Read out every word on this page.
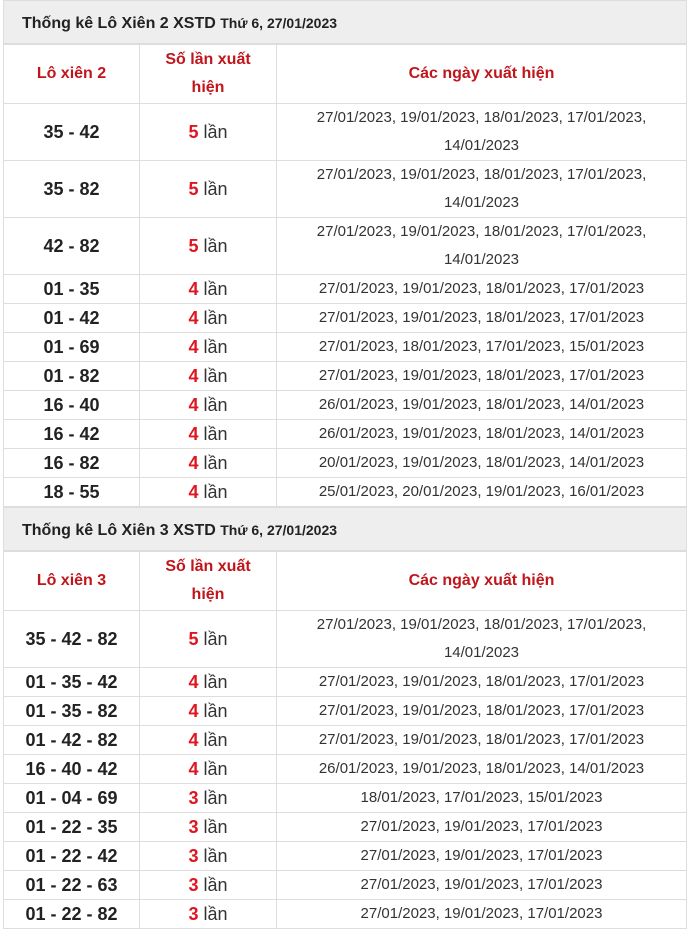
Thống kê Lô Xiên 2 XSTD Thứ 6, 27/01/2023
Lô xiên 2	Số lần xuất hiện	Các ngày xuất hiện
35 - 42	5 lần	27/01/2023, 19/01/2023, 18/01/2023, 17/01/2023, 14/01/2023
35 - 82	5 lần	27/01/2023, 19/01/2023, 18/01/2023, 17/01/2023, 14/01/2023
42 - 82	5 lần	27/01/2023, 19/01/2023, 18/01/2023, 17/01/2023, 14/01/2023
01 - 35	4 lần	27/01/2023, 19/01/2023, 18/01/2023, 17/01/2023
01 - 42	4 lần	27/01/2023, 19/01/2023, 18/01/2023, 17/01/2023
01 - 69	4 lần	27/01/2023, 18/01/2023, 17/01/2023, 15/01/2023
01 - 82	4 lần	27/01/2023, 19/01/2023, 18/01/2023, 17/01/2023
16 - 40	4 lần	26/01/2023, 19/01/2023, 18/01/2023, 14/01/2023
16 - 42	4 lần	26/01/2023, 19/01/2023, 18/01/2023, 14/01/2023
16 - 82	4 lần	20/01/2023, 19/01/2023, 18/01/2023, 14/01/2023
18 - 55	4 lần	25/01/2023, 20/01/2023, 19/01/2023, 16/01/2023
Thống kê Lô Xiên 3 XSTD Thứ 6, 27/01/2023
Lô xiên 3	Số lần xuất hiện	Các ngày xuất hiện
35 - 42 - 82	5 lần	27/01/2023, 19/01/2023, 18/01/2023, 17/01/2023, 14/01/2023
01 - 35 - 42	4 lần	27/01/2023, 19/01/2023, 18/01/2023, 17/01/2023
01 - 35 - 82	4 lần	27/01/2023, 19/01/2023, 18/01/2023, 17/01/2023
01 - 42 - 82	4 lần	27/01/2023, 19/01/2023, 18/01/2023, 17/01/2023
16 - 40 - 42	4 lần	26/01/2023, 19/01/2023, 18/01/2023, 14/01/2023
01 - 04 - 69	3 lần	18/01/2023, 17/01/2023, 15/01/2023
01 - 22 - 35	3 lần	27/01/2023, 19/01/2023, 17/01/2023
01 - 22 - 42	3 lần	27/01/2023, 19/01/2023, 17/01/2023
01 - 22 - 63	3 lần	27/01/2023, 19/01/2023, 17/01/2023
01 - 22 - 82	3 lần	27/01/2023, 19/01/2023, 17/01/2023
